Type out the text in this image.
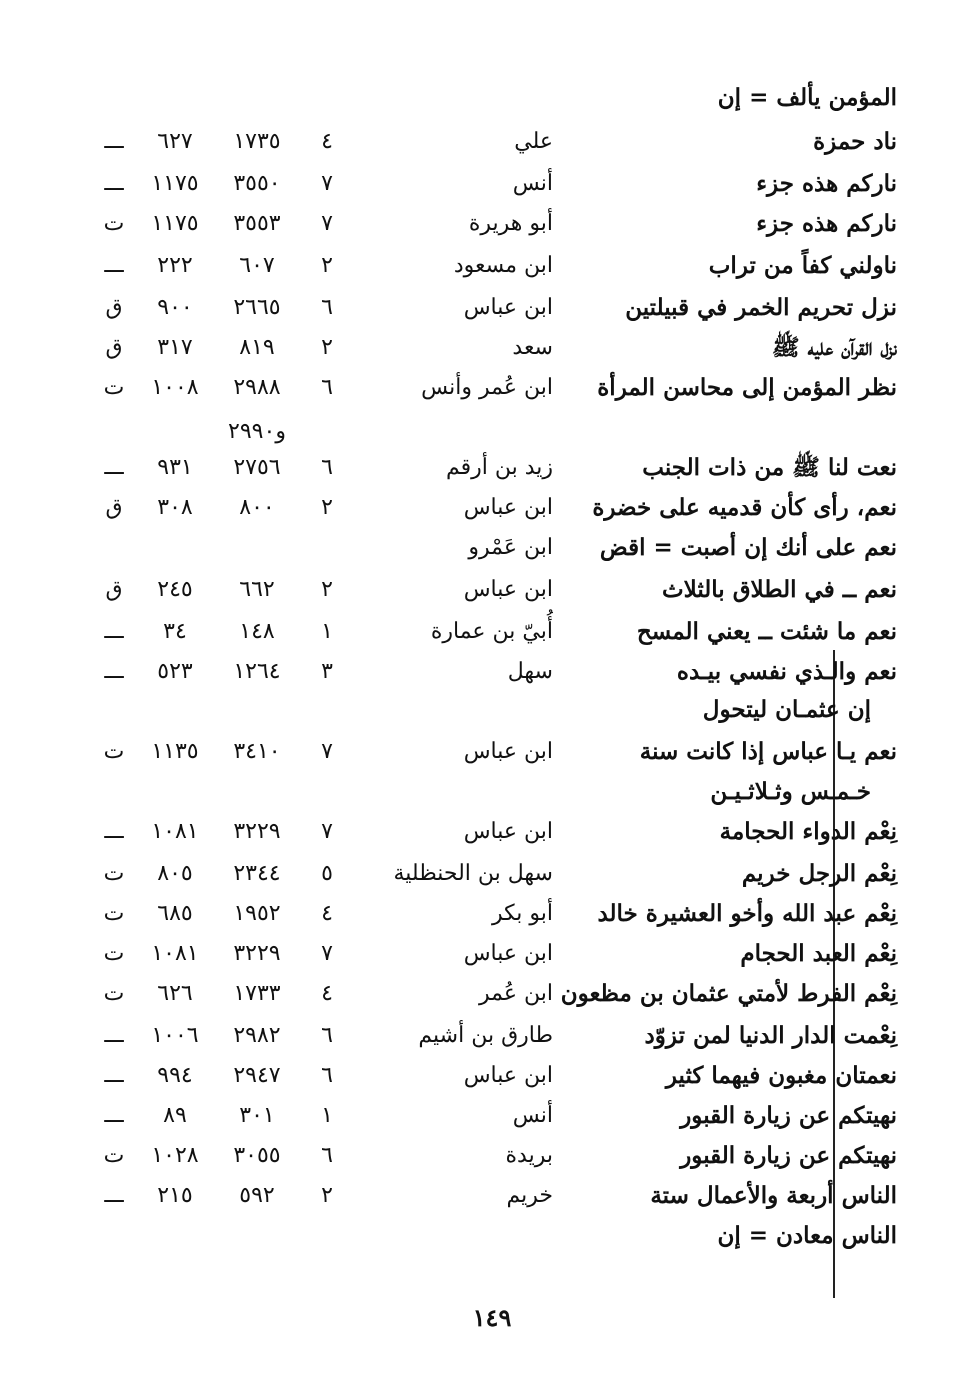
١٤٩
المؤمن يألف = إن
ناد حمزة
علي
٤
١٧٣٥
٦٢٧
ـــ
ناركم هذه جزء
أنس
٧
٣٥٥٠
١١٧٥
ـــ
ناركم هذه جزء
أبو هريرة
٧
٣٥٥٣
١١٧٥
ت
ناولني كفاً من تراب
ابن مسعود
٢
٦٠٧
٢٢٢
ـــ
نزل تحريم الخمر في قبيلتين
ابن عباس
٦
٢٦٦٥
٩٠٠
ق
نزل القرآن عليه ﷺ
سعد
٢
٨١٩
٣١٧
ق
نظر المؤمن إلى محاسن المرأة
ابن عُمر وأنس
٦
٢٩٨٨
١٠٠٨
ت
و٢٩٩٠
نعت لنا ﷺ من ذات الجنب
زيد بن أرقم
٦
٢٧٥٦
٩٣١
ـــ
نعم، رأى كأن قدميه على خضرة
ابن عباس
٢
٨٠٠
٣٠٨
ق
نعم على أنك إن أصبت = اقض
ابن عَمْرو
نعم ــ في الطلاق بالثلاث
ابن عباس
٢
٦٦٢
٢٤٥
ق
نعم ما شئت ــ يعني المسح
أُبيّ بن عمارة
١
١٤٨
٣٤
ـــ
نعم والـذي نفسي بيـده
سهل
٣
١٢٦٤
٥٢٣
ـــ
إن عثمـان ليتحول
نعم يـا عباس إذا كانت سنة
ابن عباس
٧
٣٤١٠
١١٣٥
ت
خـمـس وثـلاثـيـن
نِعْم الدواء الحجامة
ابن عباس
٧
٣٢٢٩
١٠٨١
ـــ
نِعْم الرجل خريم
سهل بن الحنظلية
٥
٢٣٤٤
٨٠٥
ت
نِعْم عبد الله وأخو العشيرة خالد
أبو بكر
٤
١٩٥٢
٦٨٥
ت
نِعْم العبد الحجام
ابن عباس
٧
٣٢٢٩
١٠٨١
ت
نِعْم الفرط لأمتي عثمان بن مظعون
ابن عُمر
٤
١٧٣٣
٦٢٦
ت
نِعْمت الدار الدنيا لمن تزوّد
طارق بن أشيم
٦
٢٩٨٢
١٠٠٦
ـــ
نعمتان مغبون فيهما كثير
ابن عباس
٦
٢٩٤٧
٩٩٤
ـــ
نهيتكم عن زيارة القبور
أنس
١
٣٠١
٨٩
ـــ
نهيتكم عن زيارة القبور
بريدة
٦
٣٠٥٥
١٠٢٨
ت
الناس أربعة والأعمال ستة
خريم
٢
٥٩٢
٢١٥
ـــ
الناس معادن = إن
